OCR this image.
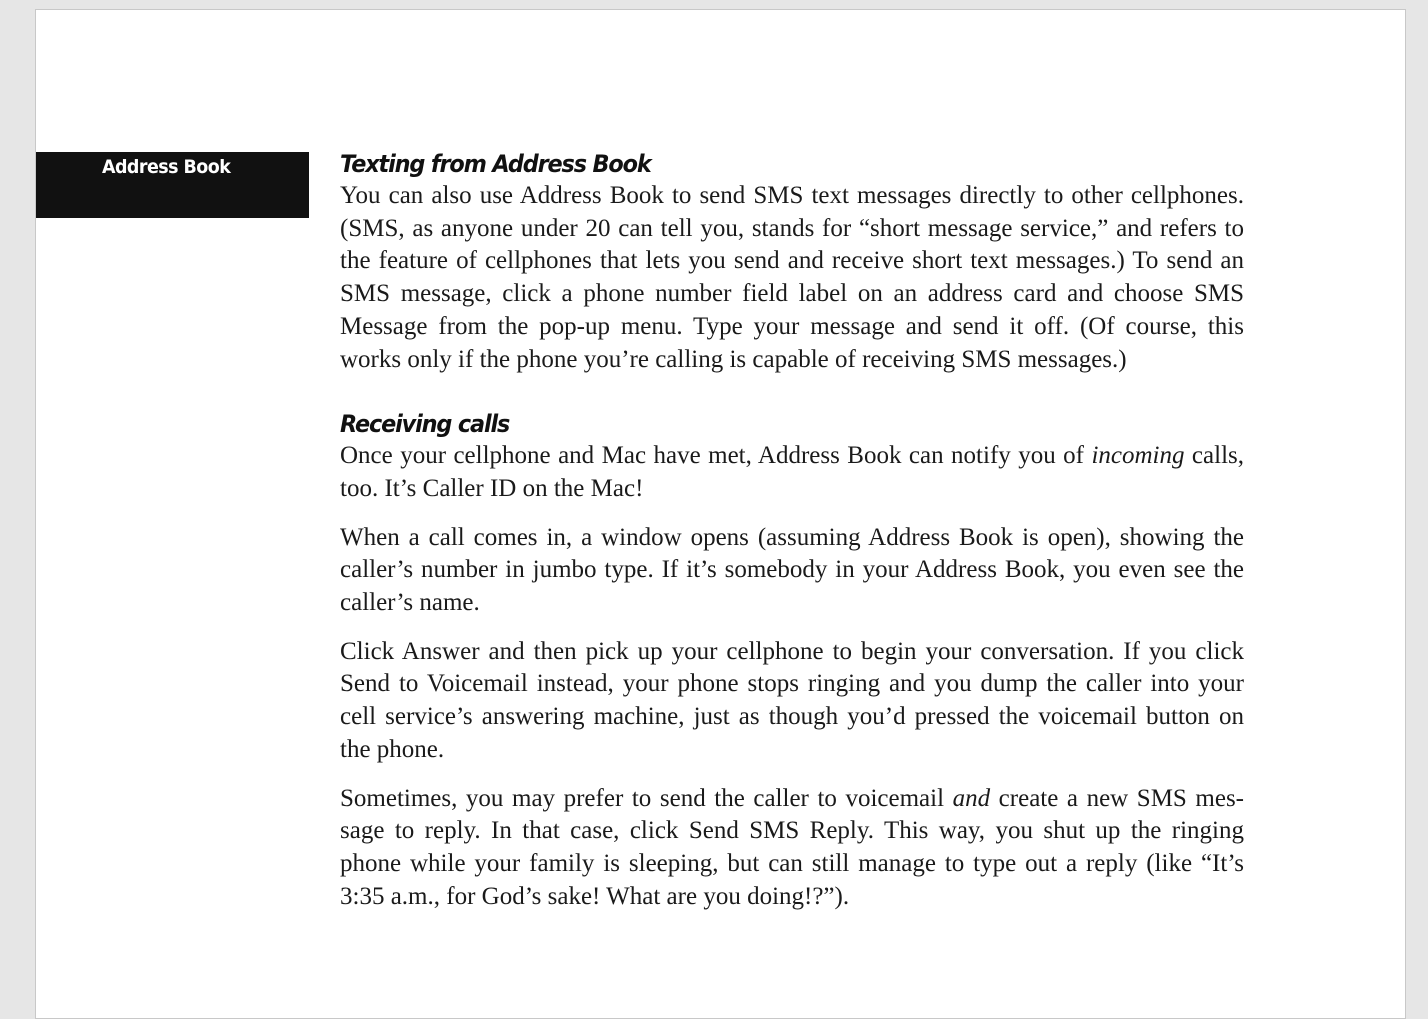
Address Book	Texting from Address Book

You can also use Address Book to send SMS text messages directly to other cellphones. (SMS, as anyone under 20 can tell you, stands for “short message service,” and refers to the feature of cellphones that lets you send and receive short text messages.) To send an SMS message, click a phone number field label on an address card and choose SMS Message from the pop-up menu. Type your message and send it off. (Of course, this works only if the phone you’re calling is capable of receiving SMS messages.)

Receiving calls

Once your cellphone and Mac have met, Address Book can notify you of incoming calls, too. It’s Caller ID on the Mac!

When a call comes in, a window opens (assuming Address Book is open), showing the caller’s number in jumbo type. If it’s somebody in your Address Book, you even see the caller’s name.

Click Answer and then pick up your cellphone to begin your conversation. If you click Send to Voicemail instead, your phone stops ringing and you dump the caller into your cell service’s answering machine, just as though you’d pressed the voicemail button on the phone.

Sometimes, you may prefer to send the caller to voicemail and create a new SMS mes-sage to reply. In that case, click Send SMS Reply. This way, you shut up the ringing phone while your family is sleeping, but can still manage to type out a reply (like “It’s 3:35 a.m., for God’s sake! What are you doing!?”).
